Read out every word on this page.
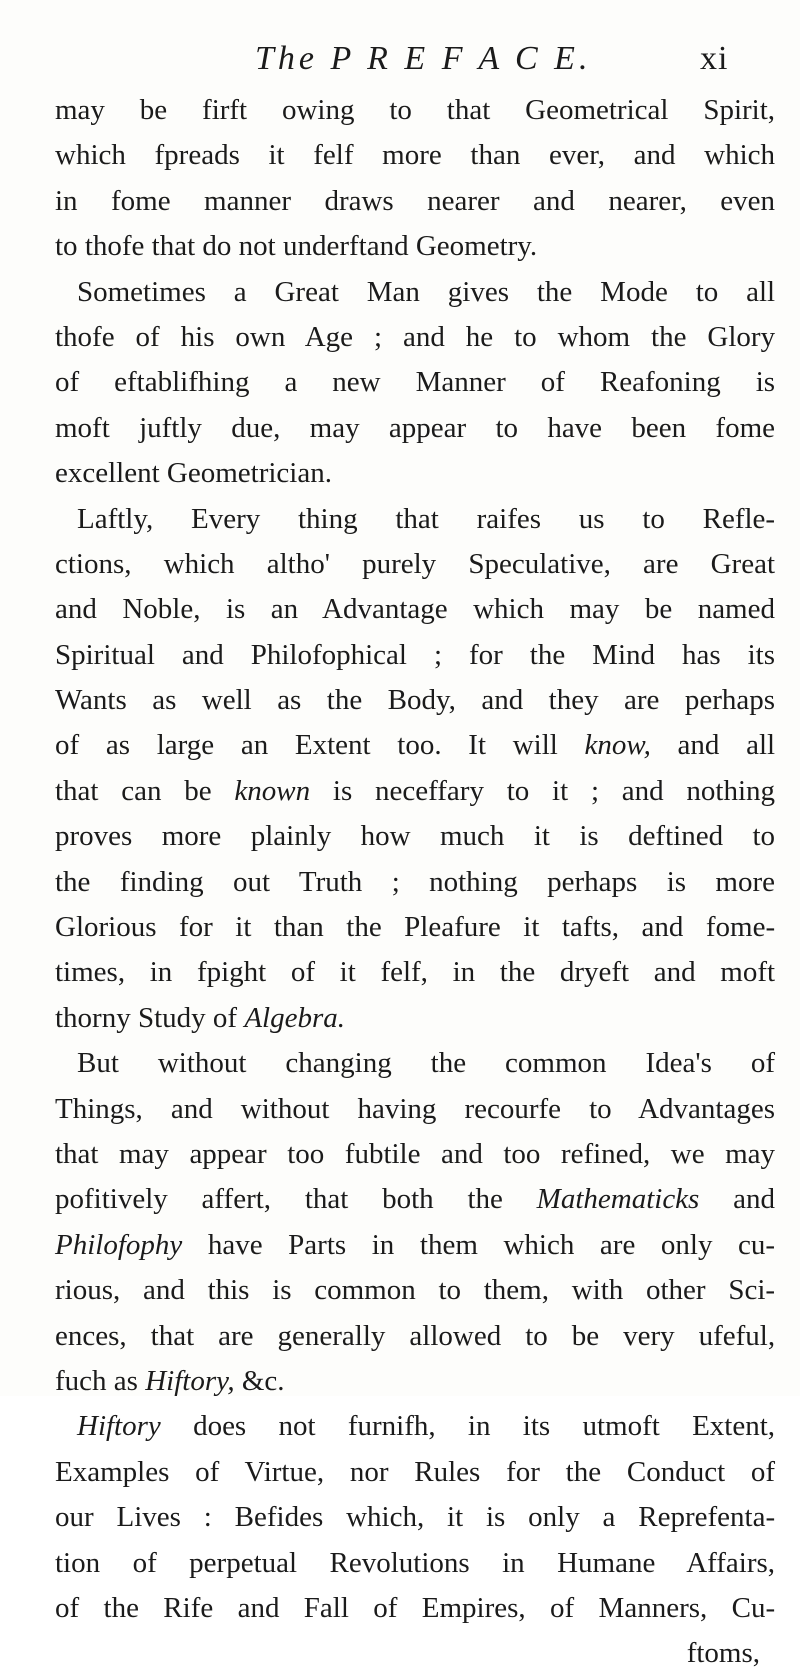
The P R E F A C E.	xi
may be firft owing to that Geometrical Spirit,
which fpreads it felf more than ever, and which
in fome manner draws nearer and nearer, even
to thofe that do not underftand Geometry.
Sometimes a Great Man gives the Mode to all
thofe of his own Age ; and he to whom the Glory
of eftablifhing a new Manner of Reafoning is
moft juftly due, may appear to have been fome
excellent Geometrician.
Laftly, Every thing that raifes us to Refle-
ctions, which altho' purely Speculative, are Great
and Noble, is an Advantage which may be named
Spiritual and Philofophical ; for the Mind has its
Wants as well as the Body, and they are perhaps
of as large an Extent too. It will know, and all
that can be known is neceffary to it ; and nothing
proves more plainly how much it is deftined to
the finding out Truth ; nothing perhaps is more
Glorious for it than the Pleafure it tafts, and fome-
times, in fpight of it felf, in the dryeft and moft
thorny Study of Algebra.
But without changing the common Idea's of
Things, and without having recourfe to Advantages
that may appear too fubtile and too refined, we may
pofitively affert, that both the Mathematicks and
Philofophy have Parts in them which are only cu-
rious, and this is common to them, with other Sci-
ences, that are generally allowed to be very ufeful,
fuch as Hiftory, &c.
Hiftory does not furnifh, in its utmoft Extent,
Examples of Virtue, nor Rules for the Conduct of
our Lives : Befides which, it is only a Reprefenta-
tion of perpetual Revolutions in Humane Affairs,
of the Rife and Fall of Empires, of Manners, Cu-
ftoms,
